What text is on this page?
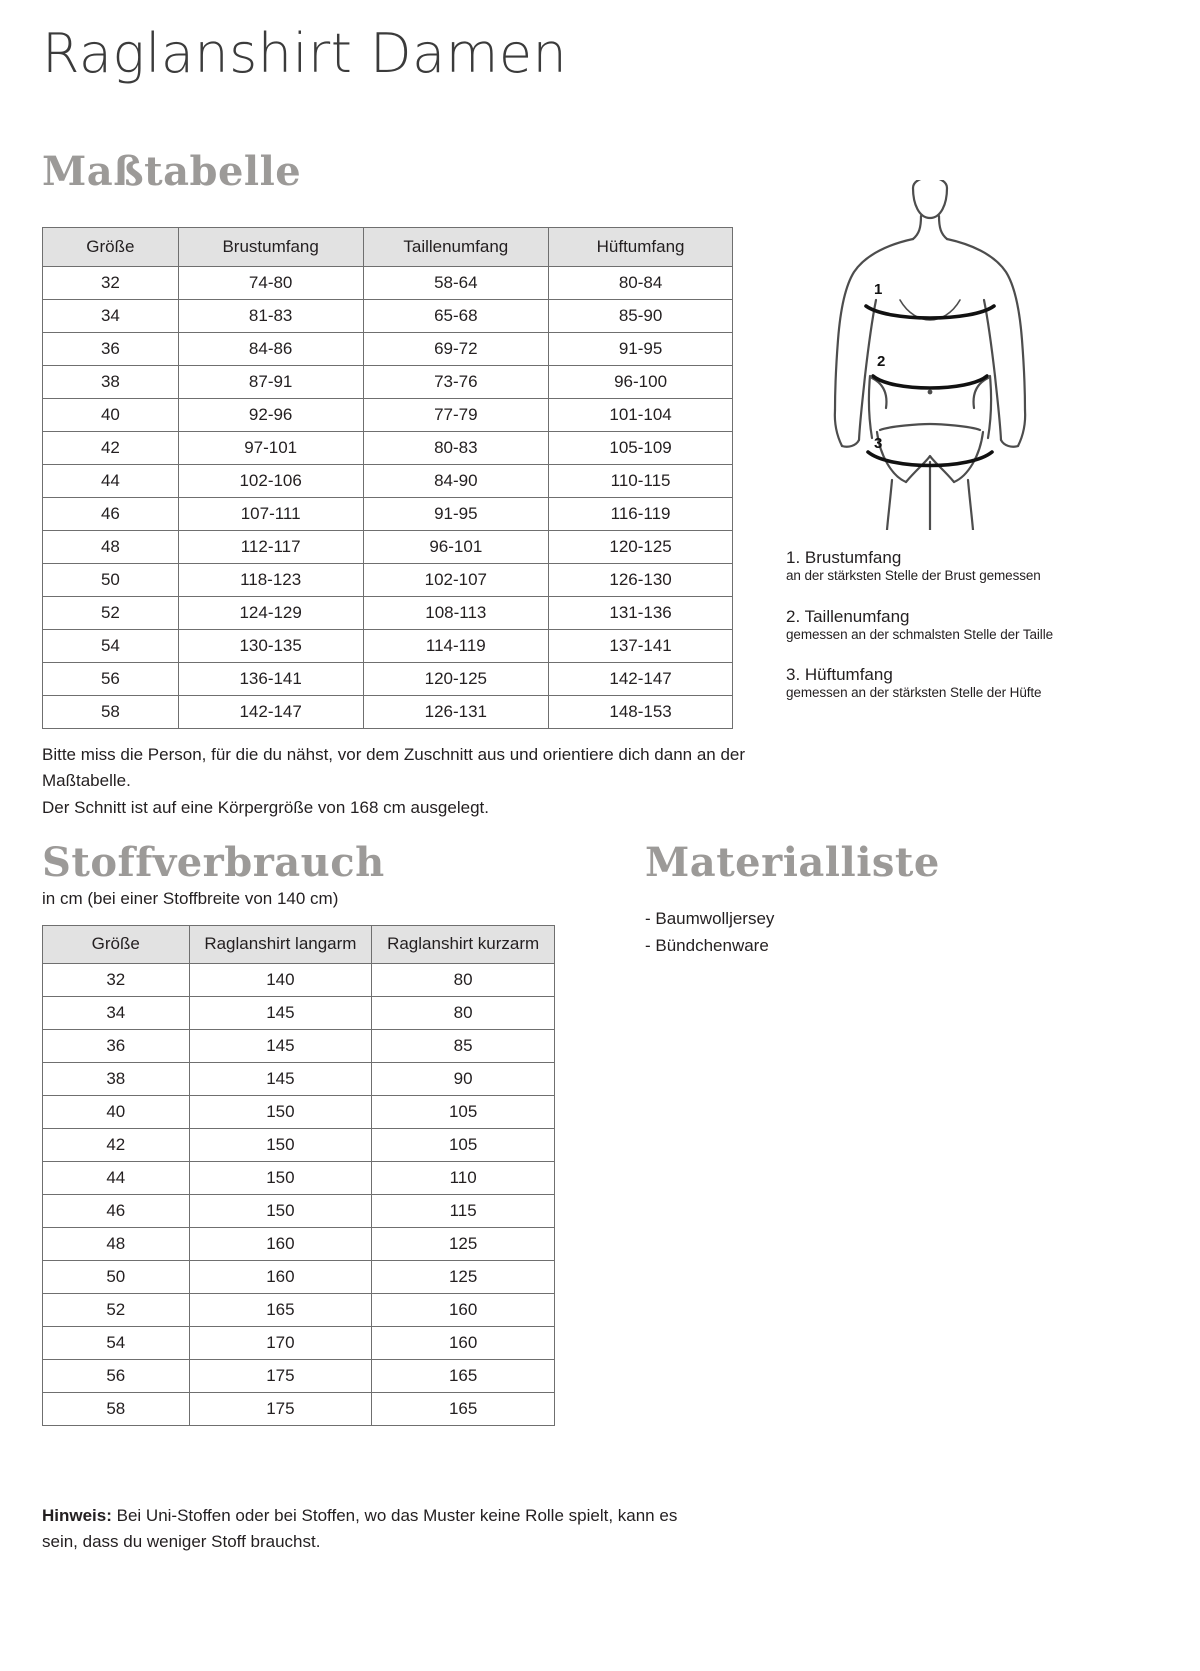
Raglanshirt Damen
Maßtabelle
Größe	Brustumfang	Taillenumfang	Hüftumfang
32	74-80	58-64	80-84
34	81-83	65-68	85-90
36	84-86	69-72	91-95
38	87-91	73-76	96-100
40	92-96	77-79	101-104
42	97-101	80-83	105-109
44	102-106	84-90	110-115
46	107-111	91-95	116-119
48	112-117	96-101	120-125
50	118-123	102-107	126-130
52	124-129	108-113	131-136
54	130-135	114-119	137-141
56	136-141	120-125	142-147
58	142-147	126-131	148-153
1
2
3
1. Brustumfang
an der stärksten Stelle der Brust gemessen
2. Taillenumfang
gemessen an der schmalsten Stelle der Taille
3. Hüftumfang
gemessen an der stärksten Stelle der Hüfte
Bitte miss die Person, für die du nähst, vor dem Zuschnitt aus und orientiere dich dann an der Maßtabelle.
Der Schnitt ist auf eine Körpergröße von 168 cm ausgelegt.
Stoffverbrauch
in cm (bei einer Stoffbreite von 140 cm)
Größe	Raglanshirt langarm	Raglanshirt kurzarm
32	140	80
34	145	80
36	145	85
38	145	90
40	150	105
42	150	105
44	150	110
46	150	115
48	160	125
50	160	125
52	165	160
54	170	160
56	175	165
58	175	165
Materialliste
- Baumwolljersey
- Bündchenware
Hinweis: Bei Uni-Stoffen oder bei Stoffen, wo das Muster keine Rolle spielt, kann es sein, dass du weniger Stoff brauchst.
